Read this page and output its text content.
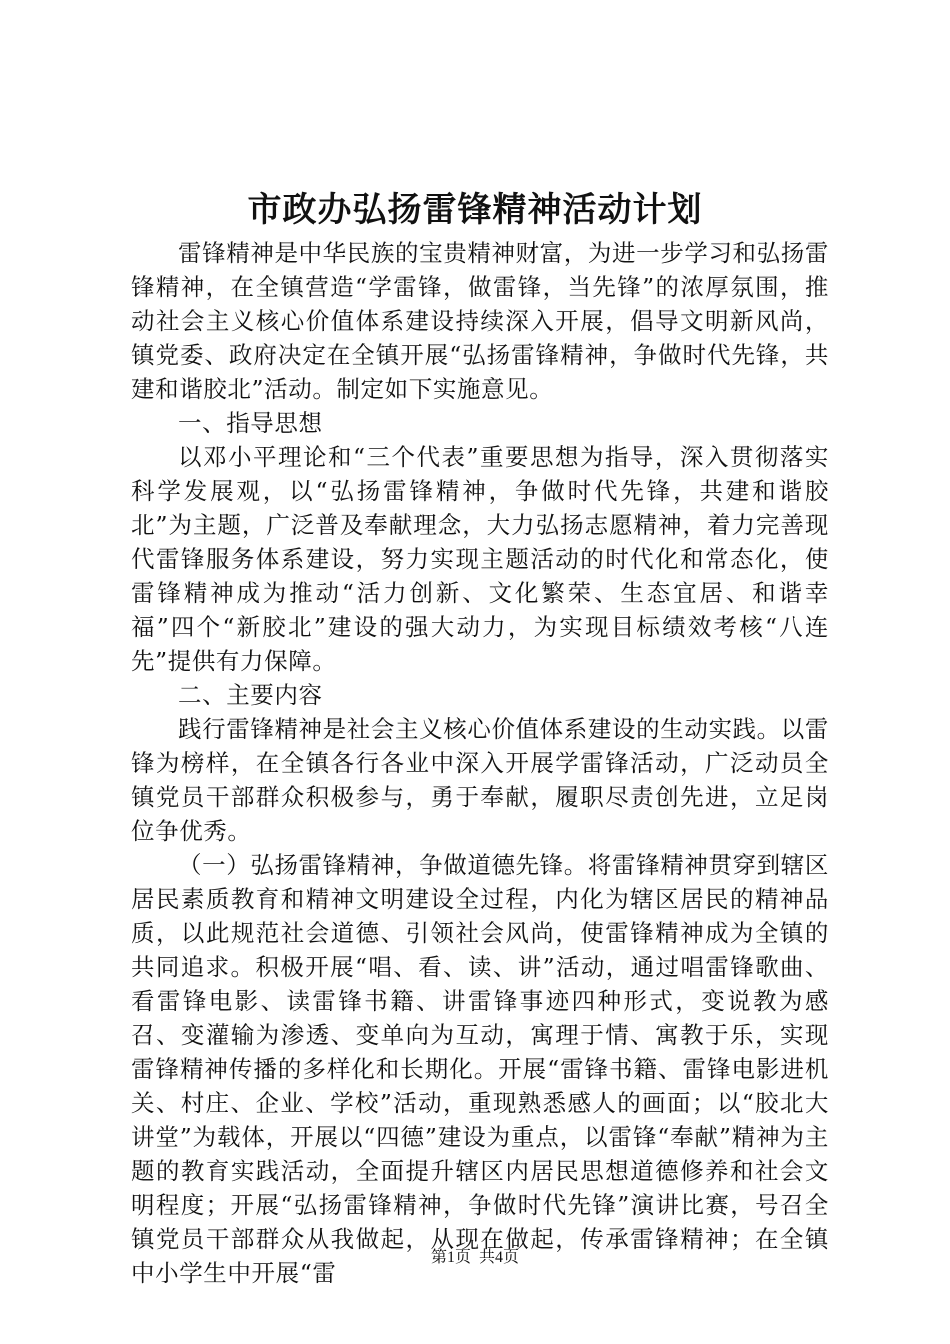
市政办弘扬雷锋精神活动计划

雷锋精神是中华民族的宝贵精神财富，为进一步学习和弘扬雷锋精神，在全镇营造“学雷锋，做雷锋，当先锋”的浓厚氛围，推动社会主义核心价值体系建设持续深入开展，倡导文明新风尚，镇党委、政府决定在全镇开展“弘扬雷锋精神，争做时代先锋，共建和谐胶北”活动。制定如下实施意见。

一、指导思想

以邓小平理论和“三个代表”重要思想为指导，深入贯彻落实科学发展观，以“弘扬雷锋精神，争做时代先锋，共建和谐胶北”为主题，广泛普及奉献理念，大力弘扬志愿精神，着力完善现代雷锋服务体系建设，努力实现主题活动的时代化和常态化，使雷锋精神成为推动“活力创新、文化繁荣、生态宜居、和谐幸福”四个“新胶北”建设的强大动力，为实现目标绩效考核“八连先”提供有力保障。

二、主要内容

践行雷锋精神是社会主义核心价值体系建设的生动实践。以雷锋为榜样，在全镇各行各业中深入开展学雷锋活动，广泛动员全镇党员干部群众积极参与，勇于奉献，履职尽责创先进，立足岗位争优秀。

（一）弘扬雷锋精神，争做道德先锋。将雷锋精神贯穿到辖区居民素质教育和精神文明建设全过程，内化为辖区居民的精神品质，以此规范社会道德、引领社会风尚，使雷锋精神成为全镇的共同追求。积极开展“唱、看、读、讲”活动，通过唱雷锋歌曲、看雷锋电影、读雷锋书籍、讲雷锋事迹四种形式，变说教为感召、变灌输为渗透、变单向为互动，寓理于情、寓教于乐，实现雷锋精神传播的多样化和长期化。开展“雷锋书籍、雷锋电影进机关、村庄、企业、学校”活动，重现熟悉感人的画面；以“胶北大讲堂”为载体，开展以“四德”建设为重点，以雷锋“奉献”精神为主题的教育实践活动，全面提升辖区内居民思想道德修养和社会文明程度；开展“弘扬雷锋精神，争做时代先锋”演讲比赛，号召全镇党员干部群众从我做起，从现在做起，传承雷锋精神；在全镇中小学生中开展“雷

第1页  共4页
